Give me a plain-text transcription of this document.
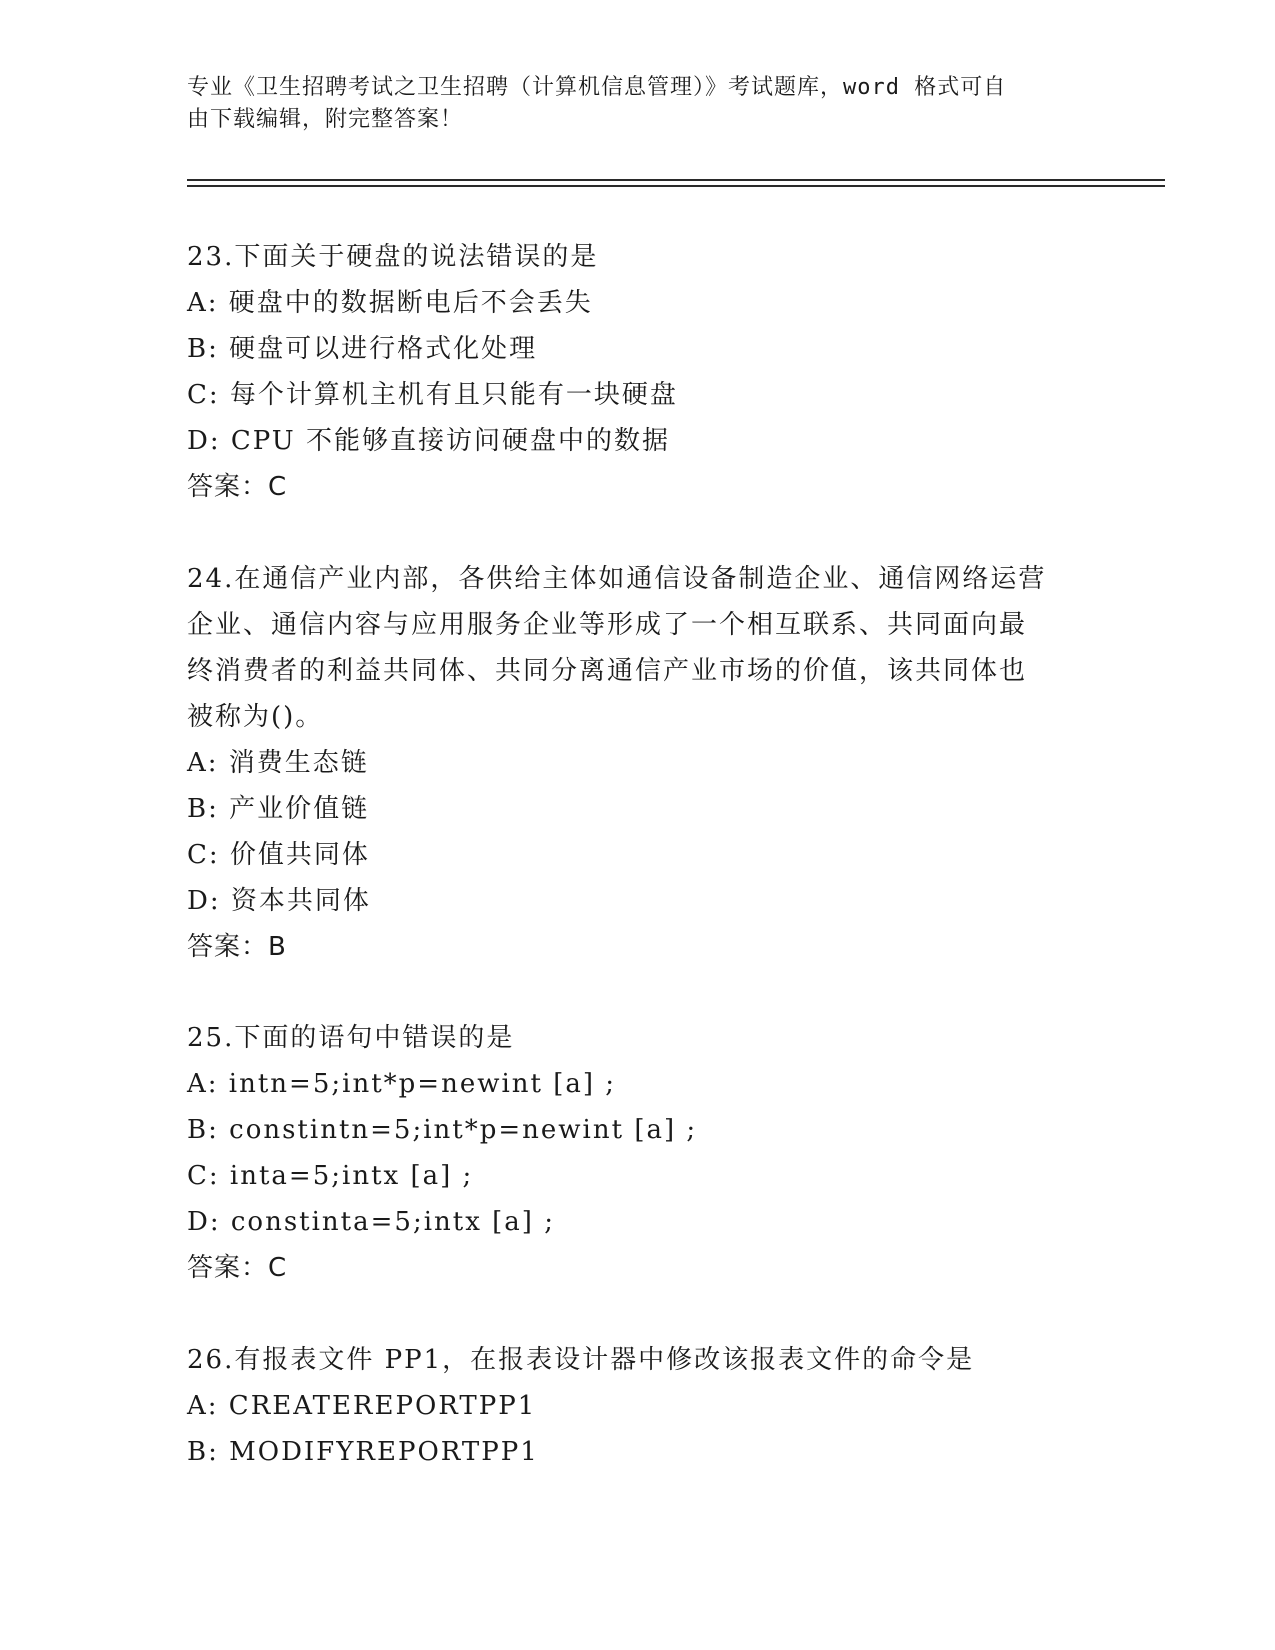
专业《卫生招聘考试之卫生招聘（计算机信息管理）》考试题库，word 格式可自
由下载编辑，附完整答案！
23.下面关于硬盘的说法错误的是
A: 硬盘中的数据断电后不会丢失
B: 硬盘可以进行格式化处理
C: 每个计算机主机有且只能有一块硬盘
D: CPU 不能够直接访问硬盘中的数据
答案：C
24.在通信产业内部，各供给主体如通信设备制造企业、通信网络运营
企业、通信内容与应用服务企业等形成了一个相互联系、共同面向最
终消费者的利益共同体、共同分离通信产业市场的价值，该共同体也
被称为()。
A: 消费生态链
B: 产业价值链
C: 价值共同体
D: 资本共同体
答案：B
25.下面的语句中错误的是
A: intn=5;int*p=newint [a] ;
B: constintn=5;int*p=newint [a] ;
C: inta=5;intx [a] ;
D: constinta=5;intx [a] ;
答案：C
26.有报表文件 PP1，在报表设计器中修改该报表文件的命令是
A: CREATEREPORTPP1
B: MODIFYREPORTPP1
